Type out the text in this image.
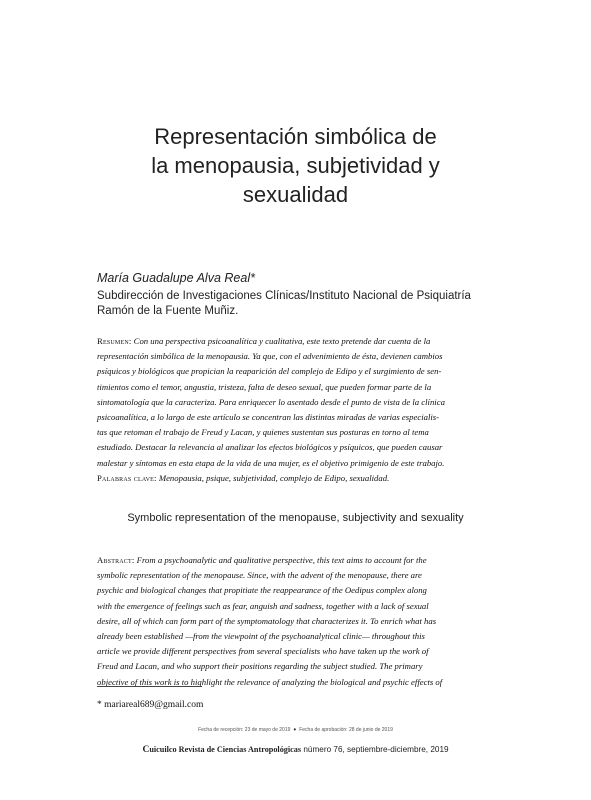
Representación simbólica de
la menopausia, subjetividad y
sexualidad
María Guadalupe Alva Real*
Subdirección de Investigaciones Clínicas/Instituto Nacional de Psiquiatría
Ramón de la Fuente Muñiz.
Resumen: Con una perspectiva psicoanalítica y cualitativa, este texto pretende dar cuenta de la
representación simbólica de la menopausia. Ya que, con el advenimiento de ésta, devienen cambios
psíquicos y biológicos que propician la reaparición del complejo de Edipo y el surgimiento de sen-
timientos como el temor, angustia, tristeza, falta de deseo sexual, que pueden formar parte de la
sintomatología que la caracteriza. Para enriquecer lo asentado desde el punto de vista de la clínica
psicoanalítica, a lo largo de este artículo se concentran las distintas miradas de varias especialis-
tas que retoman el trabajo de Freud y Lacan, y quienes sustentan sus posturas en torno al tema
estudiado. Destacar la relevancia al analizar los efectos biológicos y psíquicos, que pueden causar
malestar y síntomas en esta etapa de la vida de una mujer, es el objetivo primigenio de este trabajo.
Palabras clave: Menopausia, psique, subjetividad, complejo de Edipo, sexualidad.
Symbolic representation of the menopause, subjectivity and sexuality
Abstract: From a psychoanalytic and qualitative perspective, this text aims to account for the
symbolic representation of the menopause. Since, with the advent of the menopause, there are
psychic and biological changes that propitiate the reappearance of the Oedipus complex along
with the emergence of feelings such as fear, anguish and sadness, together with a lack of sexual
desire, all of which can form part of the symptomatology that characterizes it. To enrich what has
already been established —from the viewpoint of the psychoanalytical clinic— throughout this
article we provide different perspectives from several specialists who have taken up the work of
Freud and Lacan, and who support their positions regarding the subject studied. The primary
objective of this work is to highlight the relevance of analyzing the biological and psychic effects of
* mariareal689@gmail.com
Fecha de recepción: 23 de mayo de 2019 • Fecha de aprobación: 28 de junio de 2019
Cuicuilco Revista de Ciencias Antropológicas número 76, septiembre-diciembre, 2019
